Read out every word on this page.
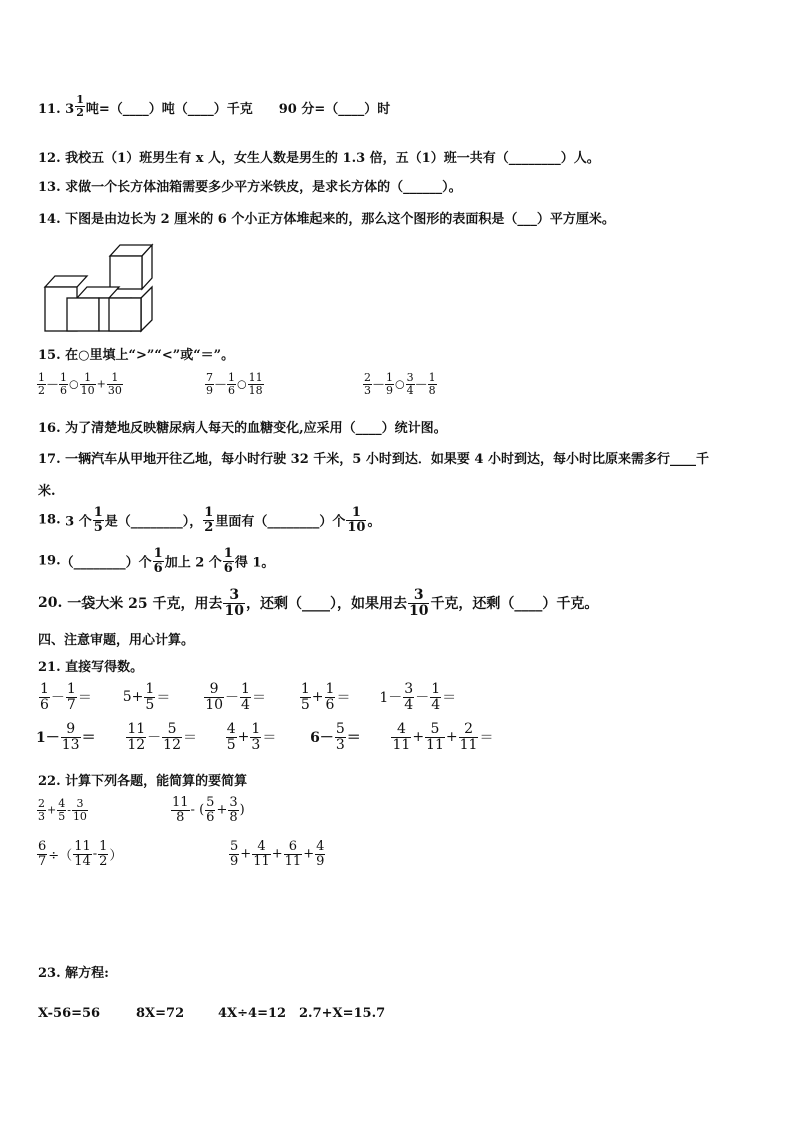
11. $3 \frac{1}{2}$ 吨=（____）吨（____）千克　　90 分=（____）时
12. 我校五（1）班男生有 x 人，女生人数是男生的 1.3 倍，五（1）班一共有（________）人。
13. 求做一个长方体油箱需要多少平方米铁皮，是求长方体的（______）。
14. 下图是由边长为 2 厘米的 6 个小正方体堆起来的，那么这个图形的表面积是（___）平方厘米。
15. 在○里填上“>”“<”或“＝”。
$\frac{1}{2}$ — $\frac{1}{6}$ ○ $\frac{1}{10} + \frac{1}{30}$	$\frac{7}{9}$ — $\frac{1}{6}$ ○ $\frac{11}{18}$	$\frac{2}{3}$ — $\frac{1}{9}$ ○ $\frac{3}{4}$ — $\frac{1}{8}$
16. 为了清楚地反映糖尿病人每天的血糖变化,应采用（____）统计图。
17. 一辆汽车从甲地开往乙地，每小时行驶 32 千米，5 小时到达．如果要 4 小时到达，每小时比原来需多行____千
米.
18. 3 个 $\frac{1}{5}$ 是（________）， $\frac{1}{2}$ 里面有（________）个 $\frac{1}{10}$ 。
19.（________）个 $\frac{1}{6}$ 加上 2 个 $\frac{1}{6}$ 得 1。
20. 一袋大米 25 千克，用去 $\frac{3}{10}$ ，还剩（____），如果用去 $\frac{3}{10}$ 千克，还剩（____）千克。
四、注意审题，用心计算。
21. 直接写得数。
$\frac{1}{6} - \frac{1}{7} = 5+ \frac{1}{5} = \frac{9}{10} - \frac{1}{4} = \frac{1}{5} + \frac{1}{6} = 1- \frac{3}{4} - \frac{1}{4}$ ＝
$1- \frac{9}{13} = \frac{11}{12} - \frac{5}{12} = \frac{4}{5} + \frac{1}{3} = 6- \frac{5}{3} = \frac{4}{11} + \frac{5}{11} + \frac{2}{11}$ ＝
22. 计算下列各题，能简算的要简算
$\frac{2}{3} + \frac{4}{5} - \frac{3}{10}$	$\frac{11}{8}$ - ( $\frac{5}{6} + \frac{3}{8}$ )
$\frac{6}{7}$ ÷（ $\frac{11}{14} - \frac{1}{2}$ ）	$\frac{5}{9} + \frac{4}{11} + \frac{6}{11} + \frac{4}{9}$
23. 解方程:
X-56=56	8X=72	4X÷4=12 2.7+X=15.7
